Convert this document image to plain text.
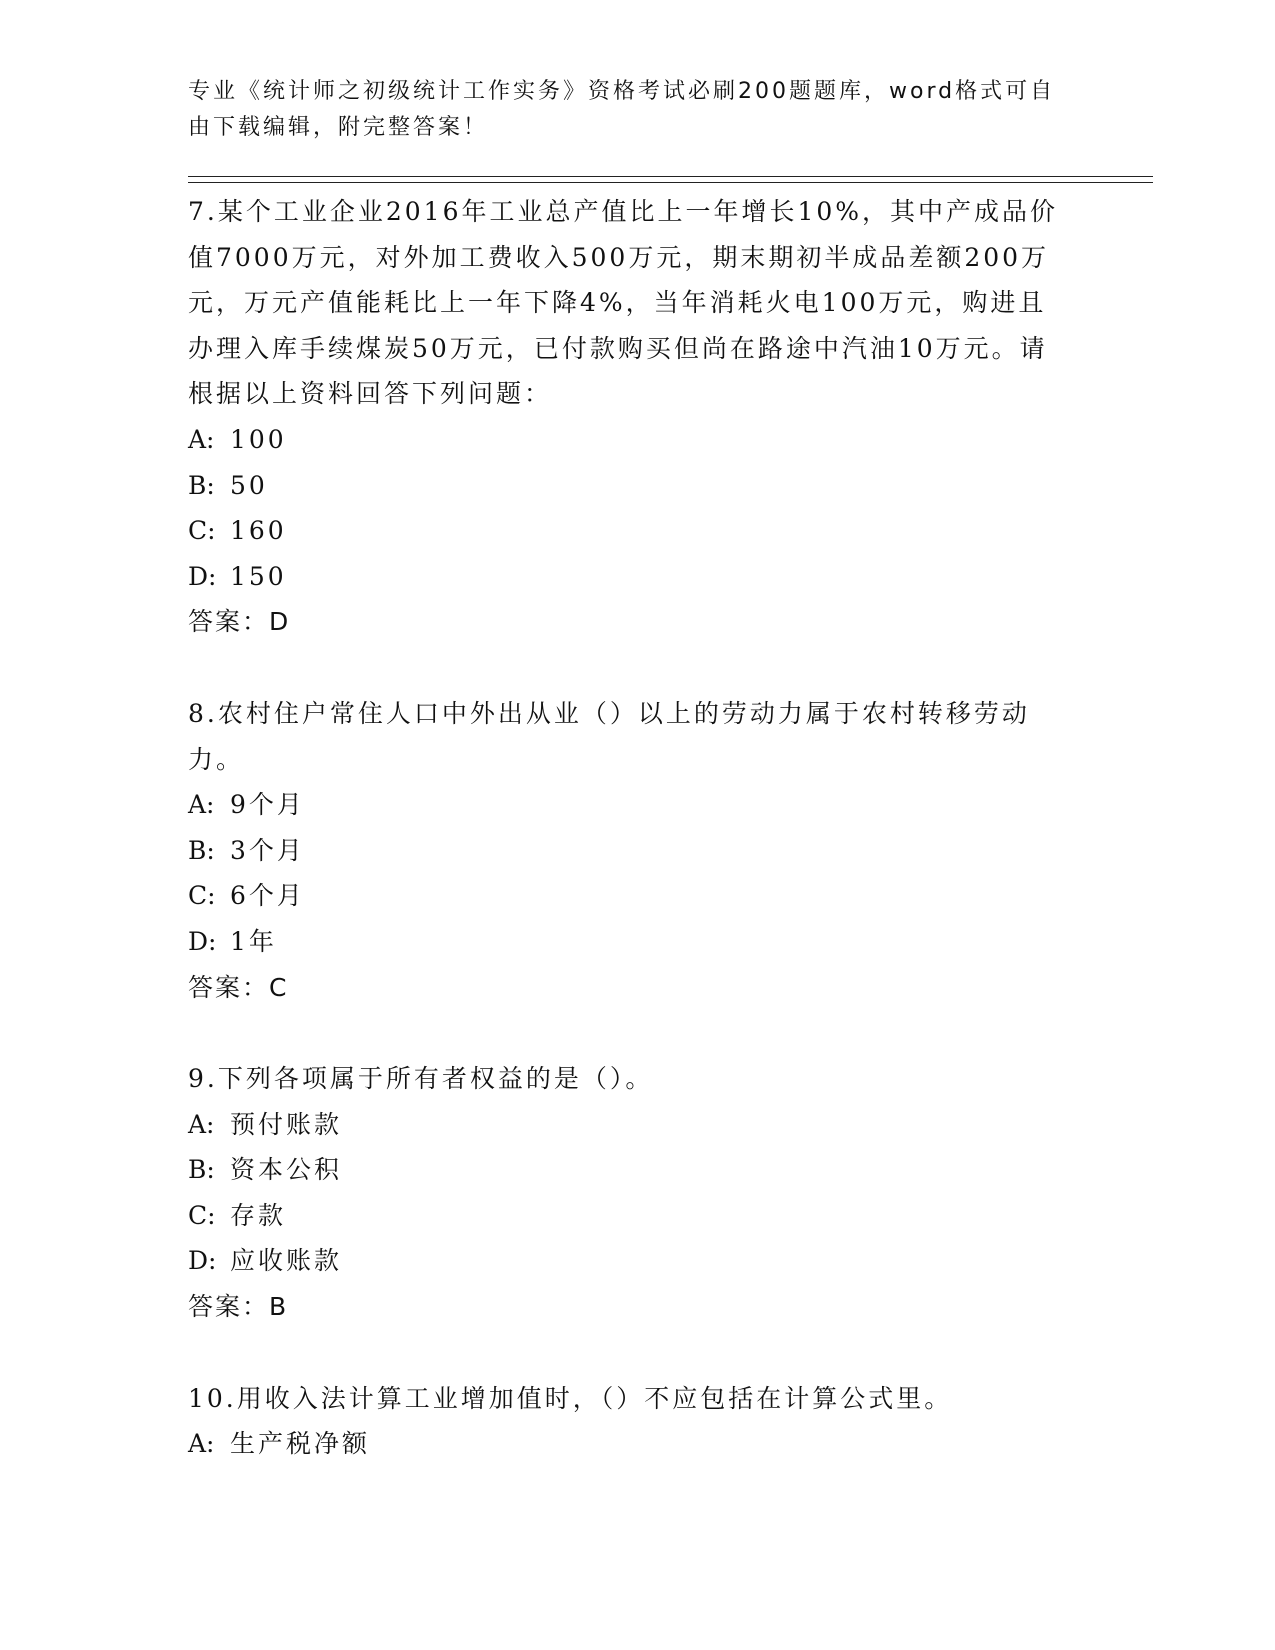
专业《统计师之初级统计工作实务》资格考试必刷200题题库，word格式可自由下载编辑，附完整答案！

7.某个工业企业2016年工业总产值比上一年增长10%，其中产成品价值7000万元，对外加工费收入500万元，期末期初半成品差额200万元，万元产值能耗比上一年下降4%，当年消耗火电100万元，购进且办理入库手续煤炭50万元，已付款购买但尚在路途中汽油10万元。请根据以上资料回答下列问题：

A: 100

B: 50

C: 160

D: 150

答案：D

8.农村住户常住人口中外出从业（）以上的劳动力属于农村转移劳动力。

A: 9个月

B: 3个月

C: 6个月

D: 1年

答案：C

9.下列各项属于所有者权益的是（）。

A: 预付账款

B: 资本公积

C: 存款

D: 应收账款

答案：B

10.用收入法计算工业增加值时，（）不应包括在计算公式里。

A: 生产税净额
